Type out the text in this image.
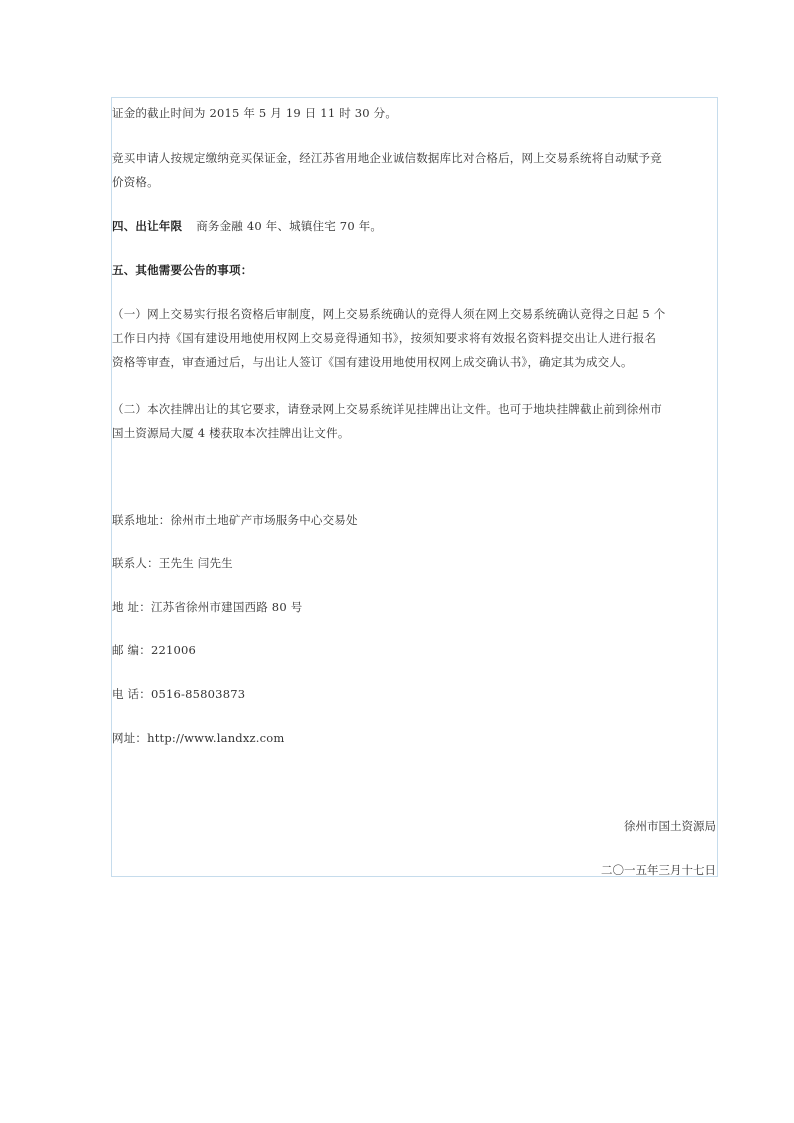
证金的截止时间为 2015 年 5 月 19 日 11 时 30 分。

竞买申请人按规定缴纳竞买保证金，经江苏省用地企业诚信数据库比对合格后，网上交易系统将自动赋予竞

价资格。

四、出让年限 商务金融 40 年、城镇住宅 70 年。

五、其他需要公告的事项：

（一）网上交易实行报名资格后审制度，网上交易系统确认的竞得人须在网上交易系统确认竞得之日起 5 个

工作日内持《国有建设用地使用权网上交易竞得通知书》，按须知要求将有效报名资料提交出让人进行报名

资格等审查，审查通过后，与出让人签订《国有建设用地使用权网上成交确认书》，确定其为成交人。

（二）本次挂牌出让的其它要求，请登录网上交易系统详见挂牌出让文件。也可于地块挂牌截止前到徐州市

国土资源局大厦 4 楼获取本次挂牌出让文件。

联系地址：徐州市土地矿产市场服务中心交易处

联系人：王先生 闫先生

地 址：江苏省徐州市建国西路 80 号

邮 编：221006

电 话：0516-85803873

网址：http://www.landxz.com

徐州市国土资源局
二〇一五年三月十七日
